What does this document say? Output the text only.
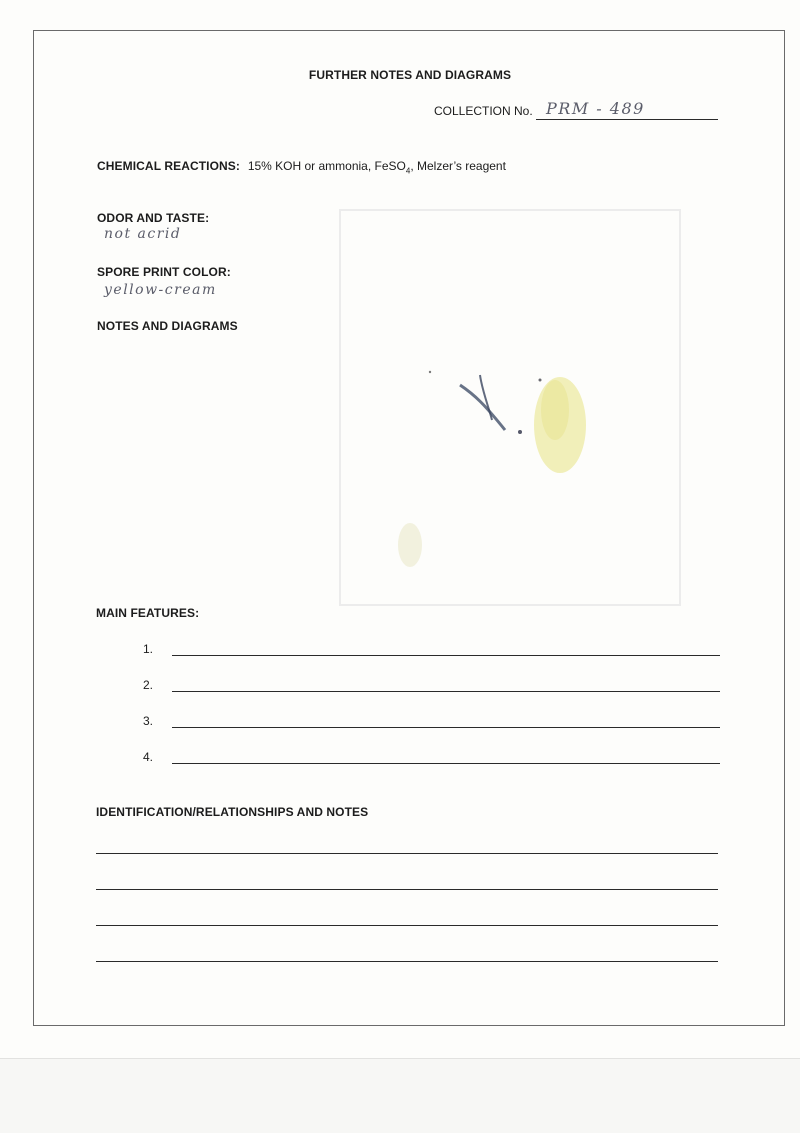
FURTHER NOTES AND DIAGRAMS
COLLECTION No. PRM - 489
CHEMICAL REACTIONS: 15% KOH or ammonia, FeSO$_4$, Melzer’s reagent
ODOR AND TASTE:
not acrid
SPORE PRINT COLOR:
yellow-cream
NOTES AND DIAGRAMS
MAIN FEATURES:
1.
2.
3.
4.
IDENTIFICATION/RELATIONSHIPS AND NOTES
